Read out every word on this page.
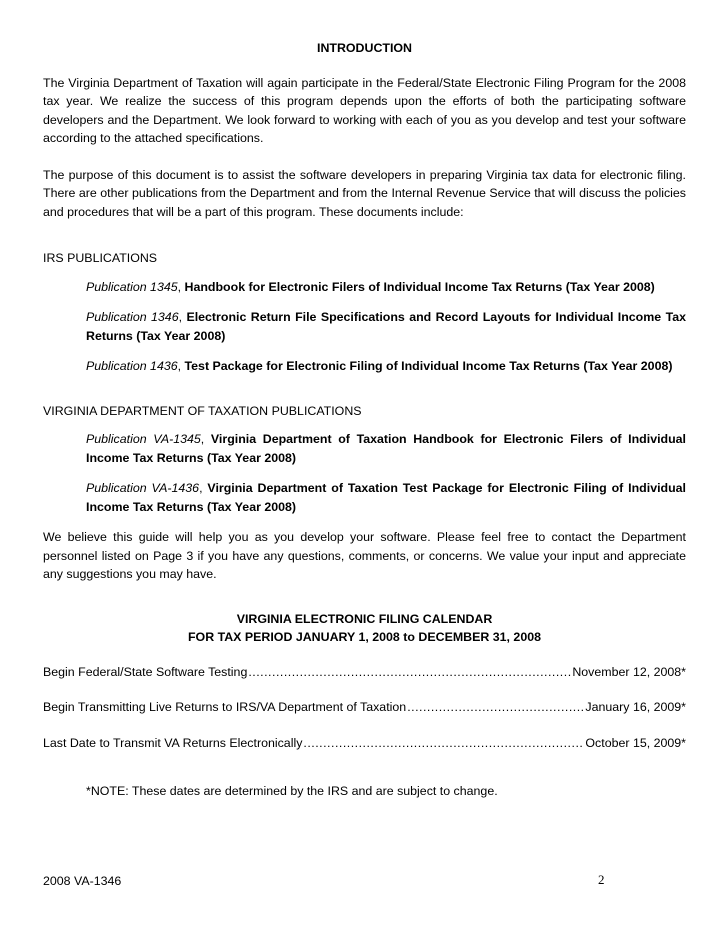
INTRODUCTION

The Virginia Department of Taxation will again participate in the Federal/State Electronic Filing Program for the 2008 tax year. We realize the success of this program depends upon the efforts of both the participating software developers and the Department. We look forward to working with each of you as you develop and test your software according to the attached specifications.

The purpose of this document is to assist the software developers in preparing Virginia tax data for electronic filing. There are other publications from the Department and from the Internal Revenue Service that will discuss the policies and procedures that will be a part of this program. These documents include:

IRS PUBLICATIONS

Publication 1345, Handbook for Electronic Filers of Individual Income Tax Returns (Tax Year 2008)
Publication 1346, Electronic Return File Specifications and Record Layouts for Individual Income Tax Returns (Tax Year 2008)
Publication 1436, Test Package for Electronic Filing of Individual Income Tax Returns (Tax Year 2008)

VIRGINIA DEPARTMENT OF TAXATION PUBLICATIONS

Publication VA-1345, Virginia Department of Taxation Handbook for Electronic Filers of Individual Income Tax Returns (Tax Year 2008)
Publication VA-1436, Virginia Department of Taxation Test Package for Electronic Filing of Individual Income Tax Returns (Tax Year 2008)

We believe this guide will help you as you develop your software. Please feel free to contact the Department personnel listed on Page 3 if you have any questions, comments, or concerns. We value your input and appreciate any suggestions you may have.

VIRGINIA ELECTRONIC FILING CALENDAR

FOR TAX PERIOD JANUARY 1, 2008 to DECEMBER 31, 2008

Begin Federal/State Software Testing .....	November 12, 2008*
Begin Transmitting Live Returns to IRS/VA Department of Taxation .....	January 16, 2009*
Last Date to Transmit VA Returns Electronically .....	October 15, 2009*

*NOTE: These dates are determined by the IRS and are subject to change.

2008 VA-1346	2
